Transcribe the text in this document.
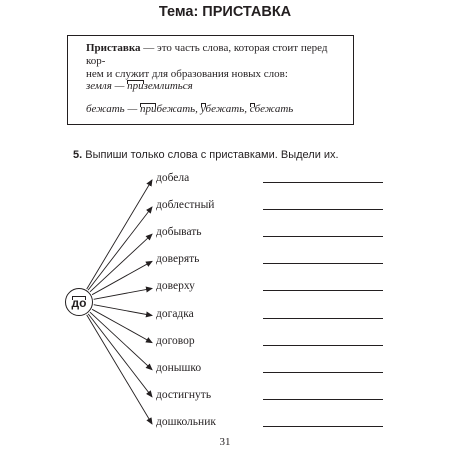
Тема: ПРИСТАВКА
Приставка — это часть слова, которая стоит перед кор-
нем и служит для образования новых слов:
земля — приземлиться
бежать — прибежать, убежать, сбежать
5. Выпиши только слова с приставками. Выдели их.
добела
доблестный
добывать
доверять
доверху
догадка
договор
донышко
достигнуть
дошкольник
до
31
